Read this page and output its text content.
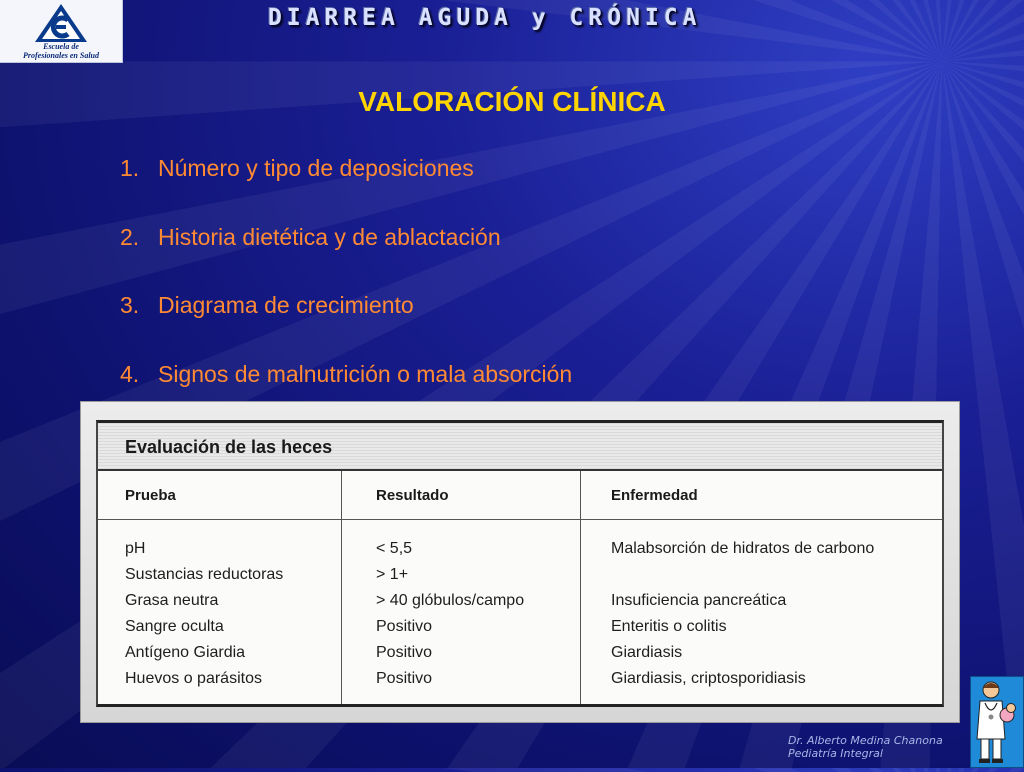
Escuela de
Profesionales en Salud
DIARREA AGUDA y CRÓNICA
VALORACIÓN CLÍNICA
1. Número y tipo de deposiciones
2. Historia dietética y de ablactación
3. Diagrama de crecimiento
4. Signos de malnutrición o mala absorción
Evaluación de las heces
Prueba	Resultado	Enfermedad
pH	< 5,5	Malabsorción de hidratos de carbono
Sustancias reductoras	> 1+
Grasa neutra	> 40 glóbulos/campo	Insuficiencia pancreática
Sangre oculta	Positivo	Enteritis o colitis
Antígeno Giardia	Positivo	Giardiasis
Huevos o parásitos	Positivo	Giardiasis, criptosporidiasis
Dr. Alberto Medina Chanona
Pediatría Integral
